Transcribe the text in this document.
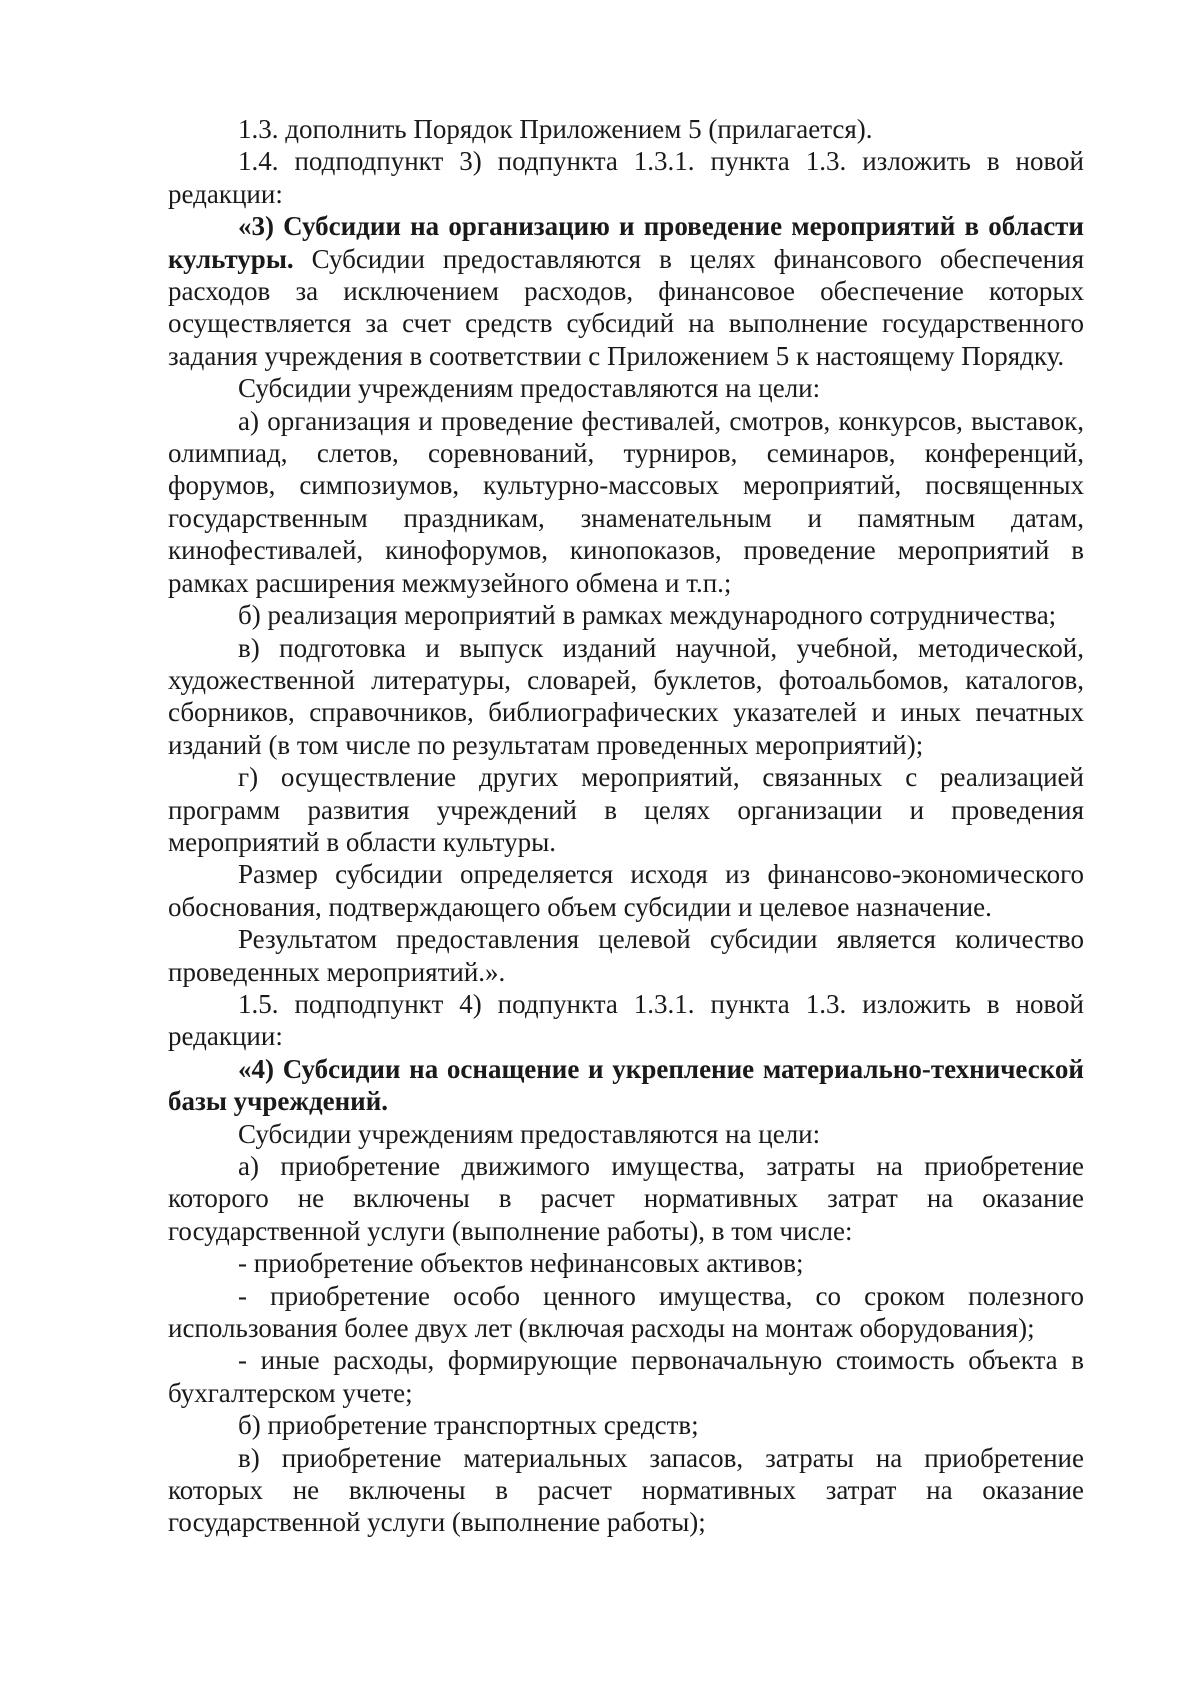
1.3. дополнить Порядок Приложением 5 (прилагается).

1.4. подподпункт 3) подпункта 1.3.1. пункта 1.3. изложить в новой редакции:

«3) Субсидии на организацию и проведение мероприятий в области культуры. Субсидии предоставляются в целях финансового обеспечения расходов за исключением расходов, финансовое обеспечение которых осуществляется за счет средств субсидий на выполнение государственного задания учреждения в соответствии с Приложением 5 к настоящему Порядку.

Субсидии учреждениям предоставляются на цели:

а) организация и проведение фестивалей, смотров, конкурсов, выставок, олимпиад, слетов, соревнований, турниров, семинаров, конференций, форумов, симпозиумов, культурно-массовых мероприятий, посвященных государственным праздникам, знаменательным и памятным датам, кинофестивалей, кинофорумов, кинопоказов, проведение мероприятий в рамках расширения межмузейного обмена и т.п.;

б) реализация мероприятий в рамках международного сотрудничества;

в) подготовка и выпуск изданий научной, учебной, методической, художественной литературы, словарей, буклетов, фотоальбомов, каталогов, сборников, справочников, библиографических указателей и иных печатных изданий (в том числе по результатам проведенных мероприятий);

г) осуществление других мероприятий, связанных с реализацией программ развития учреждений в целях организации и проведения мероприятий в области культуры.

Размер субсидии определяется исходя из финансово-экономического обоснования, подтверждающего объем субсидии и целевое назначение.

Результатом предоставления целевой субсидии является количество проведенных мероприятий.».

1.5. подподпункт 4) подпункта 1.3.1. пункта 1.3. изложить в новой редакции:

«4) Субсидии на оснащение и укрепление материально-технической базы учреждений.

Субсидии учреждениям предоставляются на цели:

а) приобретение движимого имущества, затраты на приобретение которого не включены в расчет нормативных затрат на оказание государственной услуги (выполнение работы), в том числе:

- приобретение объектов нефинансовых активов;

- приобретение особо ценного имущества, со сроком полезного использования более двух лет (включая расходы на монтаж оборудования);

- иные расходы, формирующие первоначальную стоимость объекта в бухгалтерском учете;

б) приобретение транспортных средств;

в) приобретение материальных запасов, затраты на приобретение которых не включены в расчет нормативных затрат на оказание государственной услуги (выполнение работы);
